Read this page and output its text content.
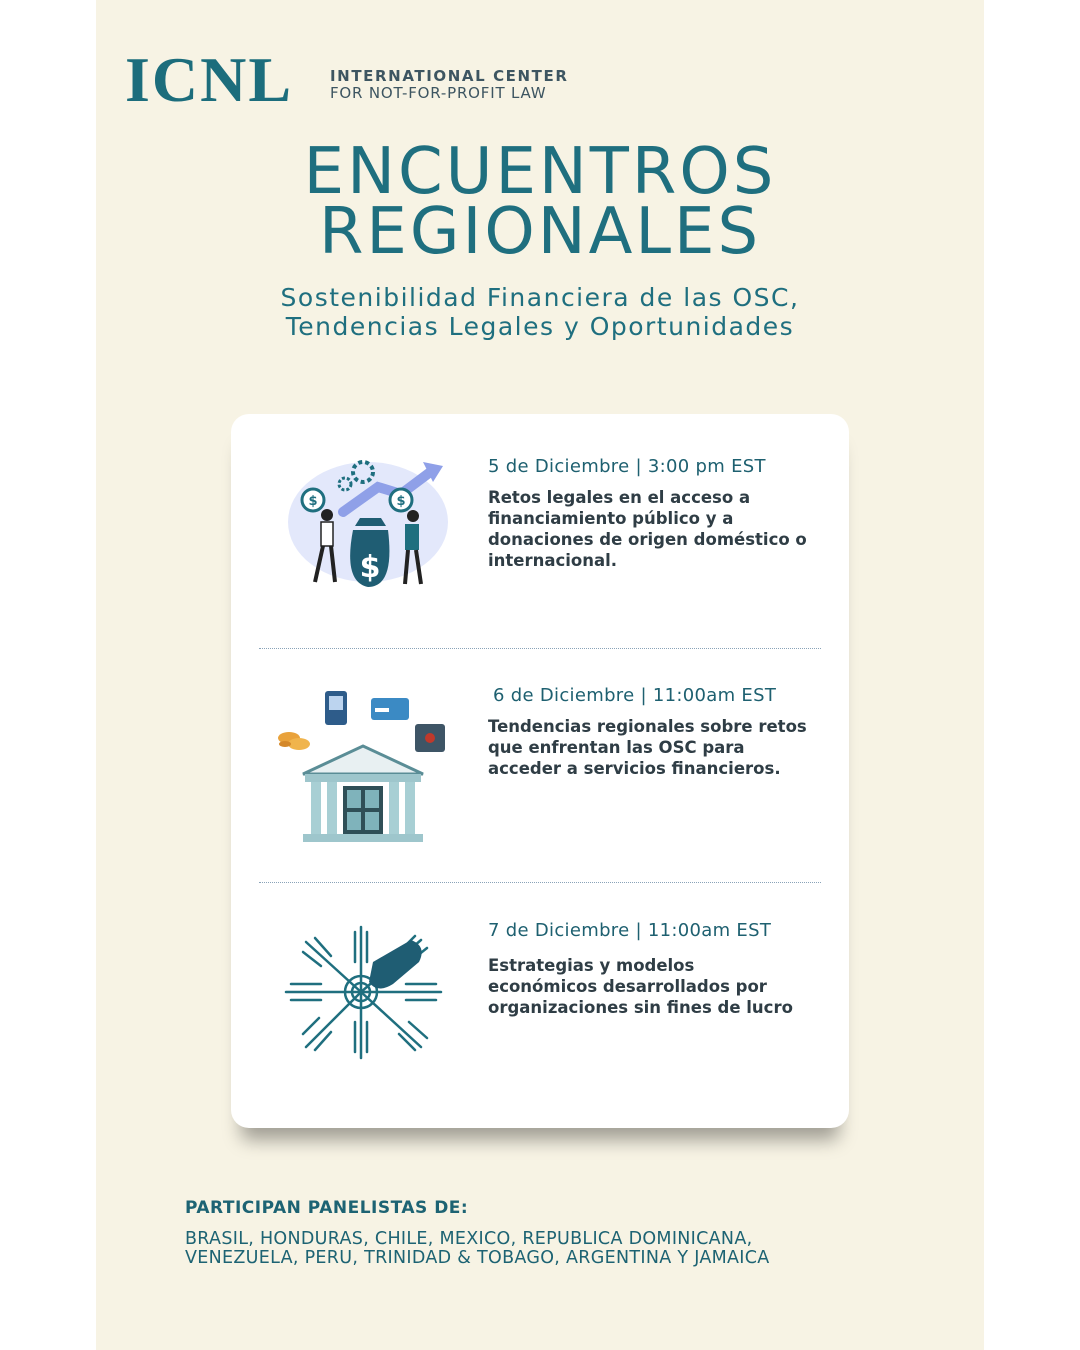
ICNL INTERNATIONAL CENTER
FOR NOT-FOR-PROFIT LAW
ENCUENTROS
REGIONALES
Sostenibilidad Financiera de las OSC,
Tendencias Legales y Oportunidades
$	$
$
5 de Diciembre | 3:00 pm EST
Retos legales en el acceso a financiamiento público y a donaciones de origen doméstico o internacional.
6 de Diciembre | 11:00am EST
Tendencias regionales sobre retos que enfrentan las OSC para acceder a servicios financieros.
7 de Diciembre | 11:00am EST
Estrategias y modelos económicos desarrollados por organizaciones sin fines de lucro
PARTICIPAN PANELISTAS DE:
BRASIL, HONDURAS, CHILE, MEXICO, REPUBLICA DOMINICANA,
VENEZUELA, PERU, TRINIDAD & TOBAGO, ARGENTINA Y JAMAICA
